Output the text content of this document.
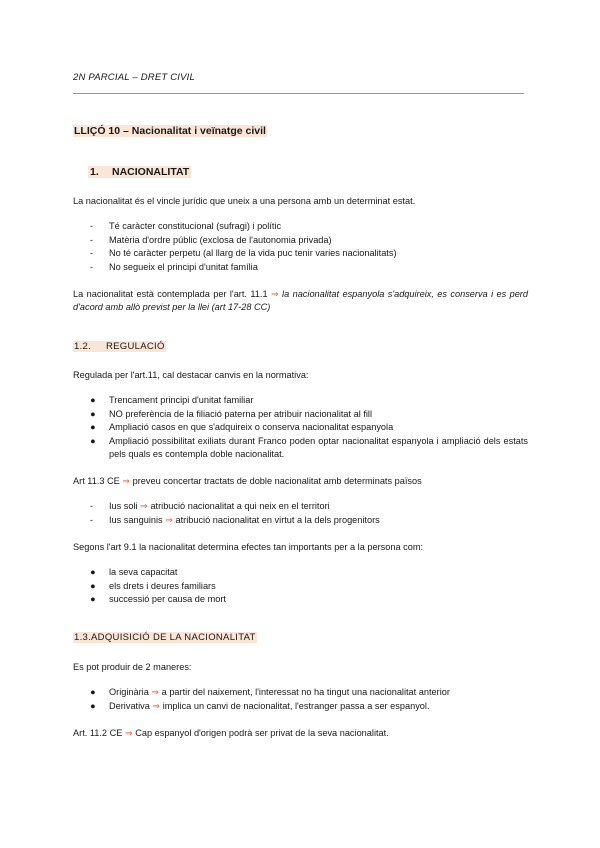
2N PARCIAL – DRET CIVIL
LLIÇÓ 10 – Nacionalitat i veïnatge civil
1. NACIONALITAT
La nacionalitat és el vincle jurídic que uneix a una persona amb un determinat estat.
- Té caràcter constitucional (sufragi) i polític
- Matèria d'ordre públic (exclosa de l'autonomia privada)
- No té caràcter perpetu (al llarg de la vida puc tenir varies nacionalitats)
- No segueix el principi d'unitat família
La nacionalitat està contemplada per l'art. 11.1 ⇒ la nacionalitat espanyola s'adquireix, es conserva i es perd d'acord amb allò previst per la llei (art 17-28 CC)
1.2. REGULACIÓ
Regulada per l'art.11, cal destacar canvis en la normativa:
● Trencament principi d'unitat familiar
● NO preferència de la filiació paterna per atribuir nacionalitat al fill
● Ampliació casos en que s'adquireix o conserva nacionalitat espanyola
● Ampliació possibilitat exiliats durant Franco poden optar nacionalitat espanyola i ampliació dels estats pels quals es contempla doble nacionalitat.
Art 11.3 CE ⇒ preveu concertar tractats de doble nacionalitat amb determinats països
- Ius soli ⇒ atribució nacionalitat a qui neix en el territori
- Ius sanguinis ⇒ atribució nacionalitat en virtut a la dels progenitors
Segons l'art 9.1 la nacionalitat determina efectes tan importants per a la persona com:
● la seva capacitat
● els drets i deures familiars
● successió per causa de mort
1.3.ADQUISICIÓ DE LA NACIONALITAT
Es pot produir de 2 maneres:
● Originària ⇒ a partir del naixement, l'interessat no ha tingut una nacionalitat anterior
● Derivativa ⇒ implica un canvi de nacionalitat, l'estranger passa a ser espanyol.
Art. 11.2 CE ⇒ Cap espanyol d'origen podrà ser privat de la seva nacionalitat.
